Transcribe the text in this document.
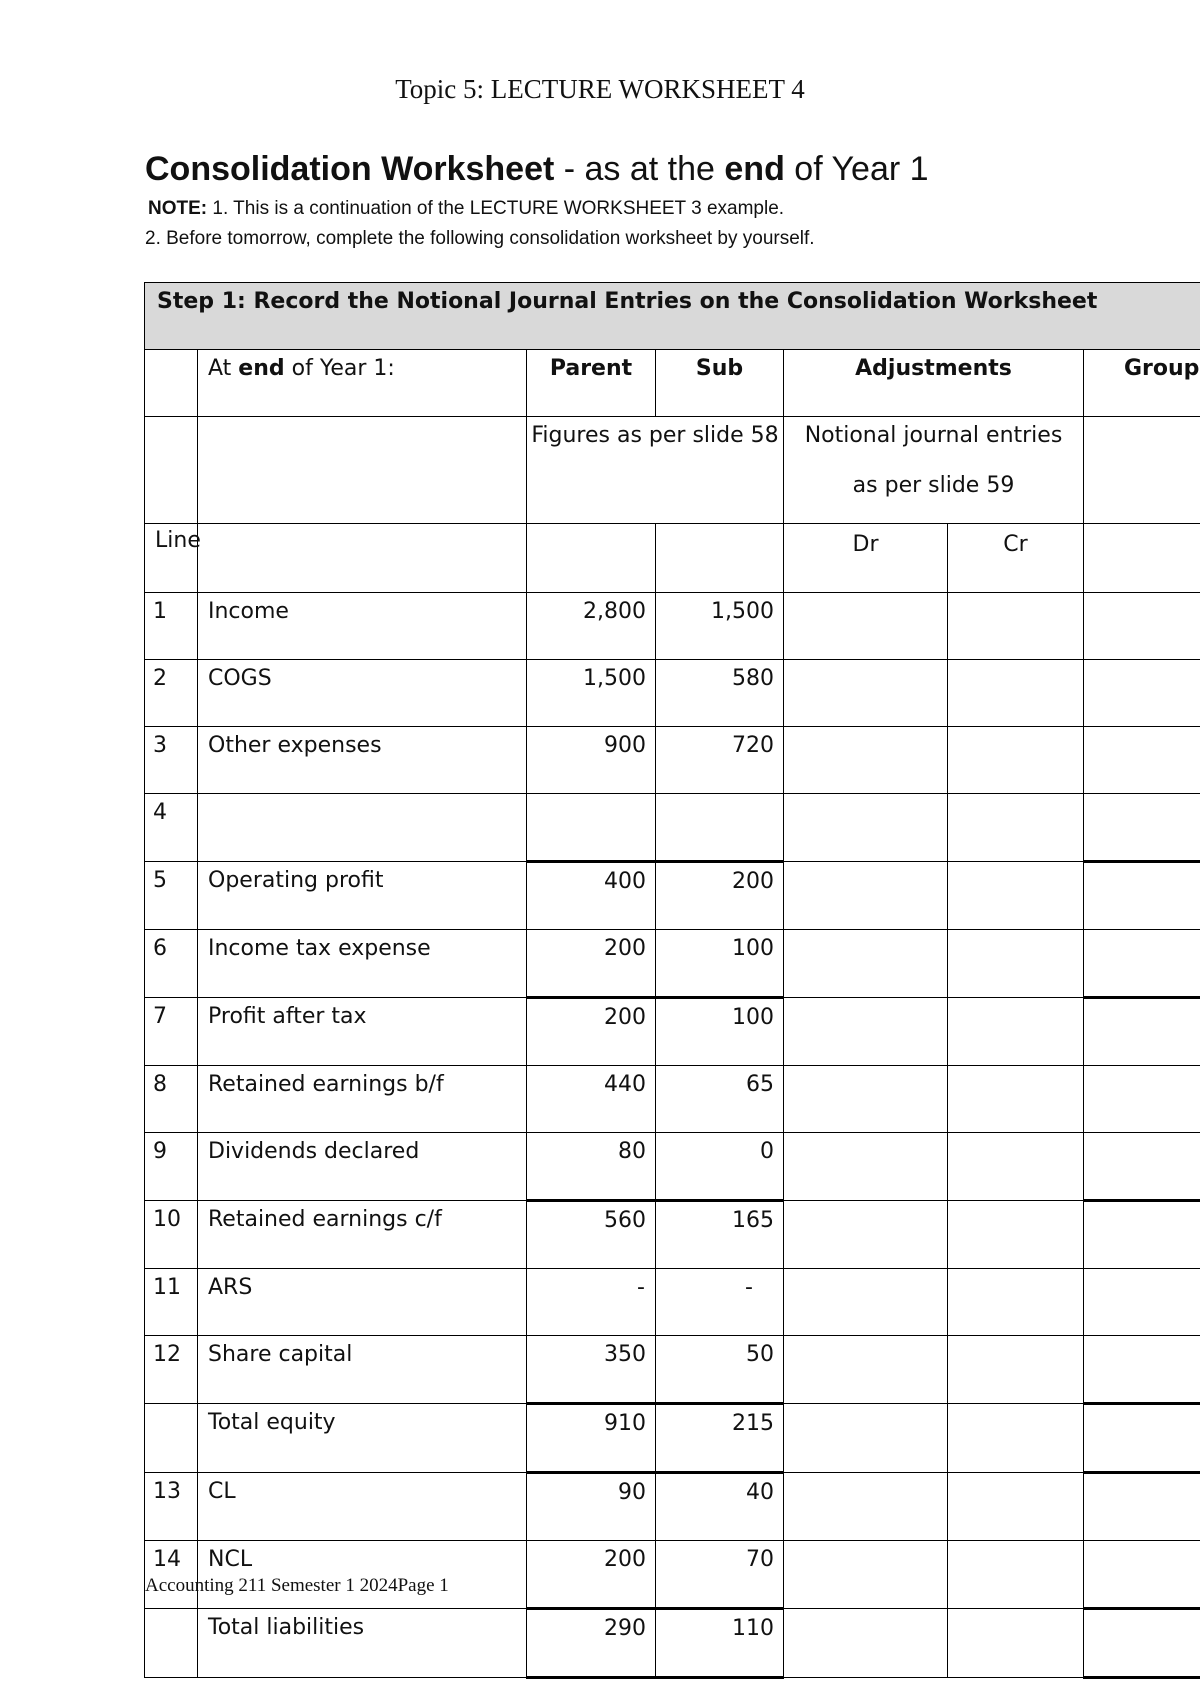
Topic 5: LECTURE WORKSHEET 4
Consolidation Worksheet - as at the end of Year 1
NOTE: 1. This is a continuation of the LECTURE WORKSHEET 3 example.
2. Before tomorrow, complete the following consolidation worksheet by yourself.
Step 1: Record the Notional Journal Entries on the Consolidation Worksheet						
	At end of Year 1:	Parent	Sub	Adjustments		Group
		Figures as per slide 58		Notional journal entries
as per slide 59		

Line				Dr	Cr	
1	Income	2,800	1,500			
2	COGS	1,500	580			
3	Other expenses	900	720			
4						
5	Operating profit	400	200			
6	Income tax expense	200	100			
7	Profit after tax	200	100			
8	Retained earnings b/f	440	65			
9	Dividends declared	80	0			
10	Retained earnings c/f	560	165			
11	ARS	-	-			
12	Share capital	350	50			
	Total equity	910	215			
13	CL	90	40			
14	NCL	200	70			
	Total liabilities	290	110			
Accounting 211 Semester 1 2024Page 1
